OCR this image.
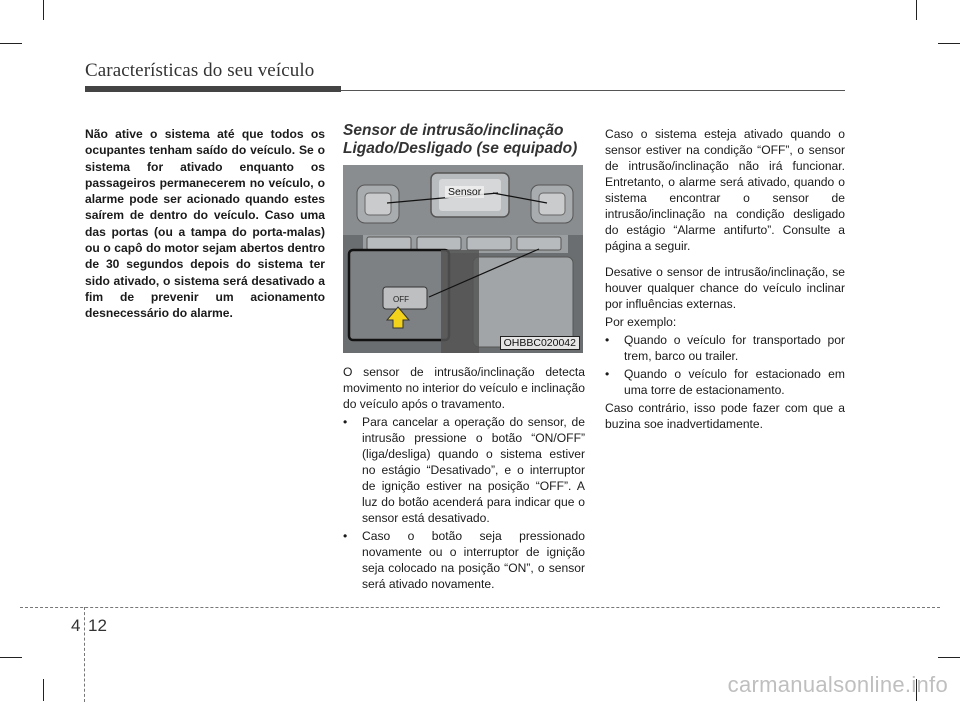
Características do seu veículo

Não ative o sistema até que todos os ocupantes tenham saído do veículo. Se o sistema for ativado enquanto os passageiros permanecerem no veículo, o alarme pode ser acionado quando estes saírem de dentro do veículo. Caso uma das portas (ou a tampa do porta-malas) ou o capô do motor sejam abertos dentro de 30 segundos depois do sistema ter sido ativado, o sistema será desativado a fim de prevenir um acionamento desnecessário do alarme.

Sensor de intrusão/inclinação Ligado/Desligado (se equipado)
OFF
Sensor
OHBBC020042

O sensor de intrusão/inclinação detecta movimento no interior do veículo e inclinação do veículo após o travamento.

• Para cancelar a operação do sensor, de intrusão pressione o botão “ON/OFF” (liga/desliga) quando o sistema estiver no estágio “Desativado”, e o interruptor de ignição estiver na posição “OFF”. A luz do botão acenderá para indicar que o sensor está desativado.
• Caso o botão seja pressionado novamente ou o interruptor de ignição seja colocado na posição “ON”, o sensor será ativado novamente.

Caso o sistema esteja ativado quando o sensor estiver na condição “OFF”, o sensor de intrusão/inclinação não irá funcionar. Entretanto, o alarme será ativado, quando o sistema encontrar o sensor de intrusão/inclinação na condição desligado do estágio “Alarme antifurto”. Consulte a página a seguir.

Desative o sensor de intrusão/inclinação, se houver qualquer chance do veículo inclinar por influências externas.

Por exemplo:

• Quando o veículo for transportado por trem, barco ou trailer.
• Quando o veículo for estacionado em uma torre de estacionamento.

Caso contrário, isso pode fazer com que a buzina soe inadvertidamente.

4 12
carmanualsonline.info
